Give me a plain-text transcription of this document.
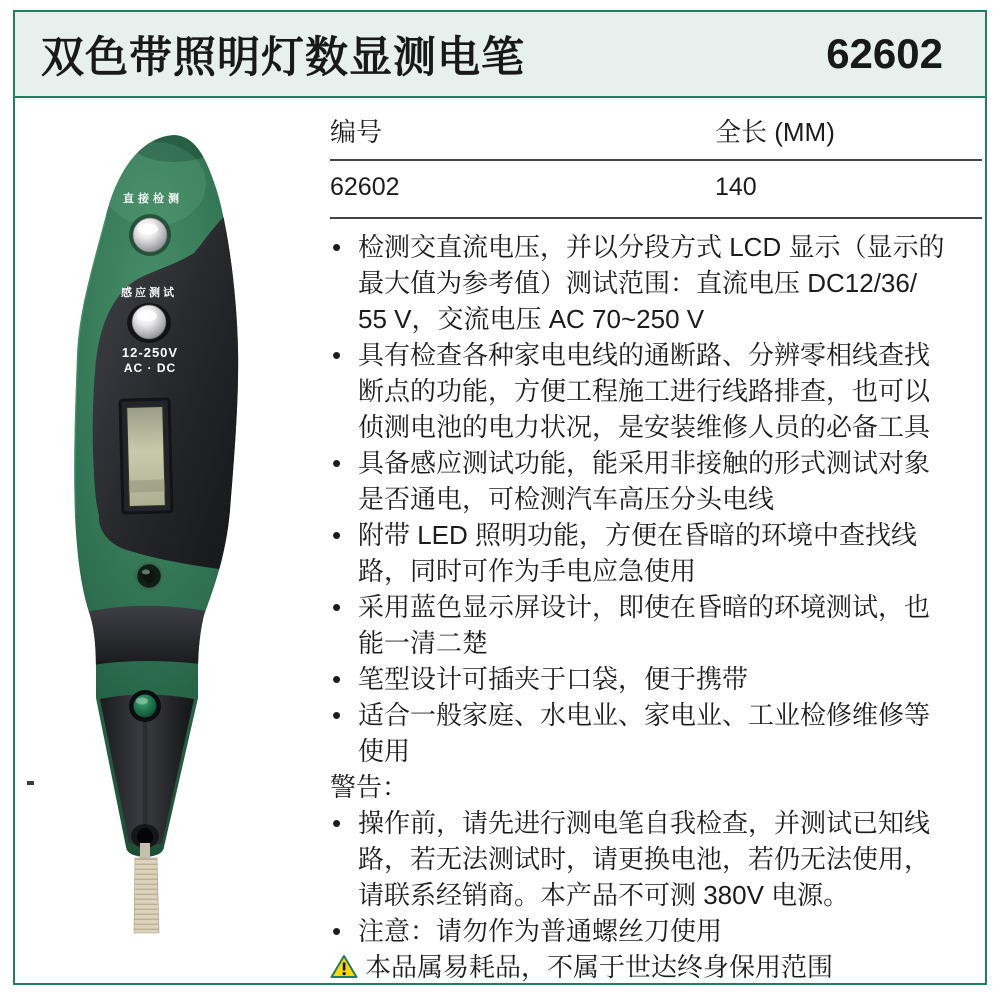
双色带照明灯数显测电笔	62602
直接检测
感应测试
12-250V
AC · DC
编号	全长 (MM)
62602	140
• 检测交直流电压，并以分段方式 LCD 显示（显示的最大值为参考值）测试范围：直流电压 DC12/36/ 55 V，交流电压 AC 70~250 V
• 具有检查各种家电电线的通断路、分辨零相线查找断点的功能，方便工程施工进行线路排查，也可以侦测电池的电力状况，是安装维修人员的必备工具
• 具备感应测试功能，能采用非接触的形式测试对象是否通电，可检测汽车高压分头电线
• 附带 LED 照明功能，方便在昏暗的环境中查找线路，同时可作为手电应急使用
• 采用蓝色显示屏设计，即使在昏暗的环境测试，也能一清二楚
• 笔型设计可插夹于口袋，便于携带
• 适合一般家庭、水电业、家电业、工业检修维修等使用
警告：
• 操作前，请先进行测电笔自我检查，并测试已知线路，若无法测试时，请更换电池，若仍无法使用，请联系经销商。本产品不可测 380V 电源。
• 注意：请勿作为普通螺丝刀使用
本品属易耗品，不属于世达终身保用范围
